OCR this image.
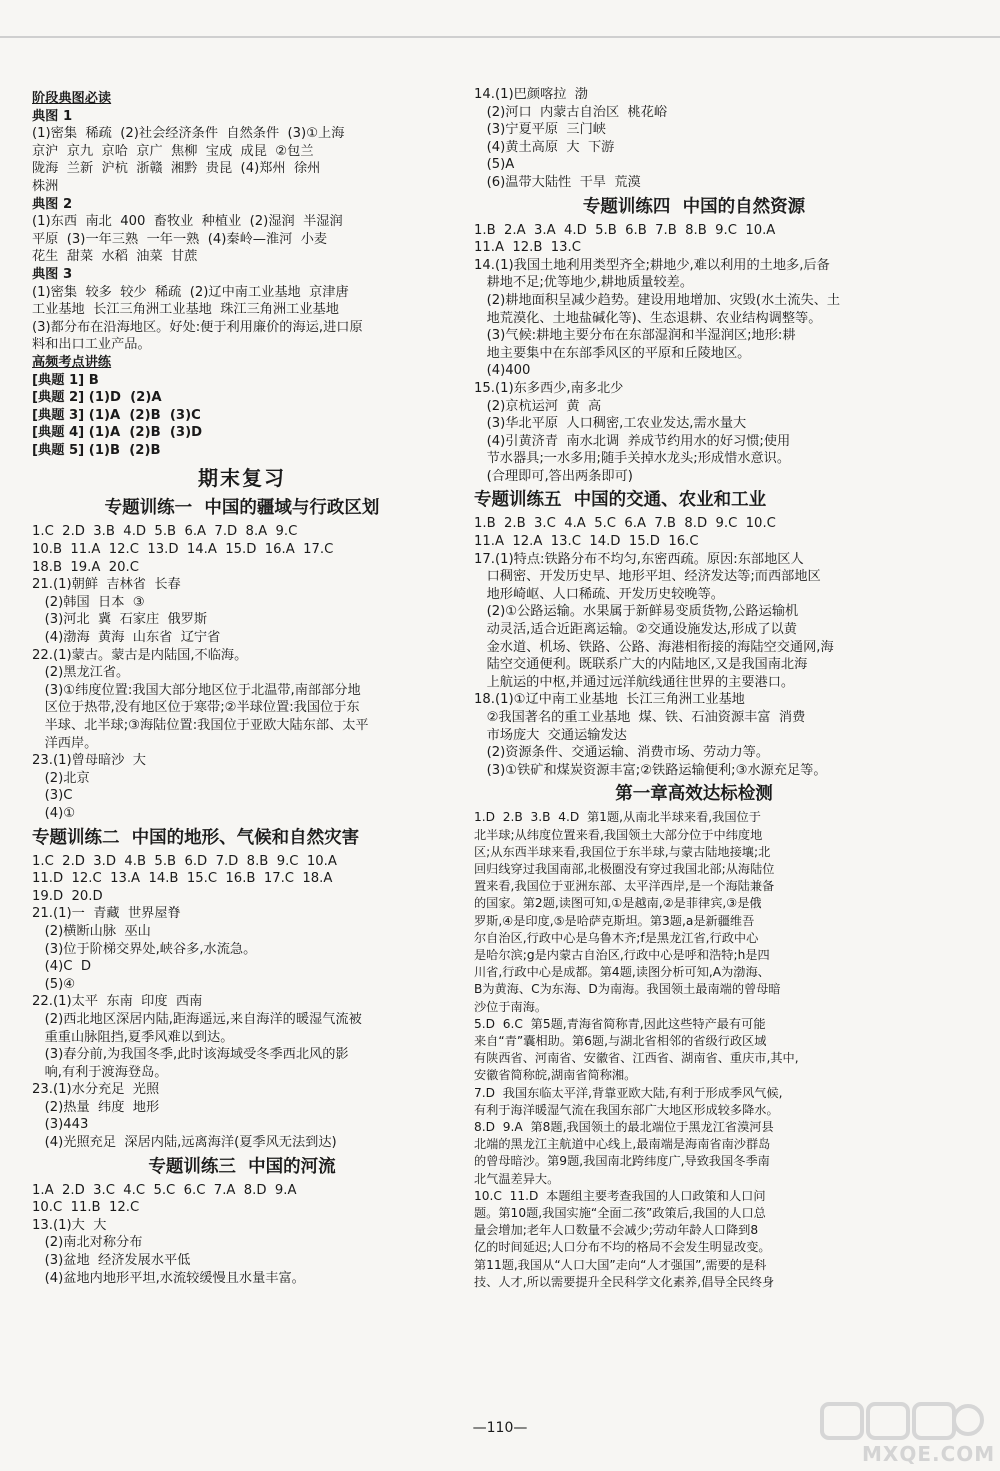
阶段典图必读
典图 1
(1)密集  稀疏  (2)社会经济条件  自然条件  (3)①上海
京沪  京九  京哈  京广  焦柳  宝成  成昆  ②包兰
陇海  兰新  沪杭  浙赣  湘黔  贵昆  (4)郑州  徐州
株洲
典图 2
(1)东西  南北  400  畜牧业  种植业  (2)湿润  半湿润
平原  (3)一年三熟  一年一熟  (4)秦岭—淮河  小麦
花生  甜菜  水稻  油菜  甘蔗
典图 3
(1)密集  较多  较少  稀疏  (2)辽中南工业基地  京津唐
工业基地  长江三角洲工业基地  珠江三角洲工业基地
(3)都分布在沿海地区。好处:便于利用廉价的海运,进口原
料和出口工业产品。
高频考点讲练
[典题 1] B
[典题 2] (1)D  (2)A
[典题 3] (1)A  (2)B  (3)C
[典题 4] (1)A  (2)B  (3)D
[典题 5] (1)B  (2)B
期末复习
专题训练一  中国的疆域与行政区划
1.C  2.D  3.B  4.D  5.B  6.A  7.D  8.A  9.C
10.B  11.A  12.C  13.D  14.A  15.D  16.A  17.C
18.B  19.A  20.C
21.(1)朝鲜  吉林省  长春
(2)韩国  日本  ③
(3)河北  冀  石家庄  俄罗斯
(4)渤海  黄海  山东省  辽宁省
22.(1)蒙古。蒙古是内陆国,不临海。
(2)黑龙江省。
(3)①纬度位置:我国大部分地区位于北温带,南部部分地
区位于热带,没有地区位于寒带;②半球位置:我国位于东
半球、北半球;③海陆位置:我国位于亚欧大陆东部、太平
洋西岸。
23.(1)曾母暗沙  大
(2)北京
(3)C
(4)①
专题训练二  中国的地形、气候和自然灾害
1.C  2.D  3.D  4.B  5.B  6.D  7.D  8.B  9.C  10.A
11.D  12.C  13.A  14.B  15.C  16.B  17.C  18.A
19.D  20.D
21.(1)一  青藏  世界屋脊
(2)横断山脉  巫山
(3)位于阶梯交界处,峡谷多,水流急。
(4)C  D
(5)④
22.(1)太平  东南  印度  西南
(2)西北地区深居内陆,距海遥远,来自海洋的暖湿气流被
重重山脉阻挡,夏季风难以到达。
(3)春分前,为我国冬季,此时该海域受冬季西北风的影
响,有利于渡海登岛。
23.(1)水分充足  光照
(2)热量  纬度  地形
(3)443
(4)光照充足  深居内陆,远离海洋(夏季风无法到达)
专题训练三  中国的河流
1.A  2.D  3.C  4.C  5.C  6.C  7.A  8.D  9.A
10.C  11.B  12.C
13.(1)大  大
(2)南北对称分布
(3)盆地  经济发展水平低
(4)盆地内地形平坦,水流较缓慢且水量丰富。
14.(1)巴颜喀拉  渤
(2)河口  内蒙古自治区  桃花峪
(3)宁夏平原  三门峡
(4)黄土高原  大  下游
(5)A
(6)温带大陆性  干旱  荒漠
专题训练四  中国的自然资源
1.B  2.A  3.A  4.D  5.B  6.B  7.B  8.B  9.C  10.A
11.A  12.B  13.C
14.(1)我国土地利用类型齐全;耕地少,难以利用的土地多,后备
耕地不足;优等地少,耕地质量较差。
(2)耕地面积呈减少趋势。建设用地增加、灾毁(水土流失、土
地荒漠化、土地盐碱化等)、生态退耕、农业结构调整等。
(3)气候:耕地主要分布在东部湿润和半湿润区;地形:耕
地主要集中在东部季风区的平原和丘陵地区。
(4)400
15.(1)东多西少,南多北少
(2)京杭运河  黄  高
(3)华北平原  人口稠密,工农业发达,需水量大
(4)引黄济青  南水北调  养成节约用水的好习惯;使用
节水器具;一水多用;随手关掉水龙头;形成惜水意识。
(合理即可,答出两条即可)
专题训练五  中国的交通、农业和工业
1.B  2.B  3.C  4.A  5.C  6.A  7.B  8.D  9.C  10.C
11.A  12.A  13.C  14.D  15.D  16.C
17.(1)特点:铁路分布不均匀,东密西疏。原因:东部地区人
口稠密、开发历史早、地形平坦、经济发达等;而西部地区
地形崎岖、人口稀疏、开发历史较晚等。
(2)①公路运输。水果属于新鲜易变质货物,公路运输机
动灵活,适合近距离运输。②交通设施发达,形成了以黄
金水道、机场、铁路、公路、海港相衔接的海陆空交通网,海
陆空交通便利。既联系广大的内陆地区,又是我国南北海
上航运的中枢,并通过远洋航线通往世界的主要港口。
18.(1)①辽中南工业基地  长江三角洲工业基地
②我国著名的重工业基地  煤、铁、石油资源丰富  消费
市场庞大  交通运输发达
(2)资源条件、交通运输、消费市场、劳动力等。
(3)①铁矿和煤炭资源丰富;②铁路运输便利;③水源充足等。
第一章高效达标检测
1.D  2.B  3.B  4.D  第1题,从南北半球来看,我国位于
北半球;从纬度位置来看,我国领土大部分位于中纬度地
区;从东西半球来看,我国位于东半球,与蒙古陆地接壤;北
回归线穿过我国南部,北极圈没有穿过我国北部;从海陆位
置来看,我国位于亚洲东部、太平洋西岸,是一个海陆兼备
的国家。第2题,读图可知,①是越南,②是菲律宾,③是俄
罗斯,④是印度,⑤是哈萨克斯坦。第3题,a是新疆维吾
尔自治区,行政中心是乌鲁木齐;f是黑龙江省,行政中心
是哈尔滨;g是内蒙古自治区,行政中心是呼和浩特;h是四
川省,行政中心是成都。第4题,读图分析可知,A为渤海、
B为黄海、C为东海、D为南海。我国领土最南端的曾母暗
沙位于南海。
5.D  6.C  第5题,青海省简称青,因此这些特产最有可能
来自“青”囊相助。第6题,与湖北省相邻的省级行政区域
有陕西省、河南省、安徽省、江西省、湖南省、重庆市,其中,
安徽省简称皖,湖南省简称湘。
7.D  我国东临太平洋,背靠亚欧大陆,有利于形成季风气候,
有利于海洋暖湿气流在我国东部广大地区形成较多降水。
8.D  9.A  第8题,我国领土的最北端位于黑龙江省漠河县
北端的黑龙江主航道中心线上,最南端是海南省南沙群岛
的曾母暗沙。第9题,我国南北跨纬度广,导致我国冬季南
北气温差异大。
10.C  11.D  本题组主要考查我国的人口政策和人口问
题。第10题,我国实施“全面二孩”政策后,我国的人口总
量会增加;老年人口数量不会减少;劳动年龄人口降到8
亿的时间延迟;人口分布不均的格局不会发生明显改变。
第11题,我国从“人口大国”走向“人才强国”,需要的是科
技、人才,所以需要提升全民科学文化素养,倡导全民终身
—110—
MXQE.COM
